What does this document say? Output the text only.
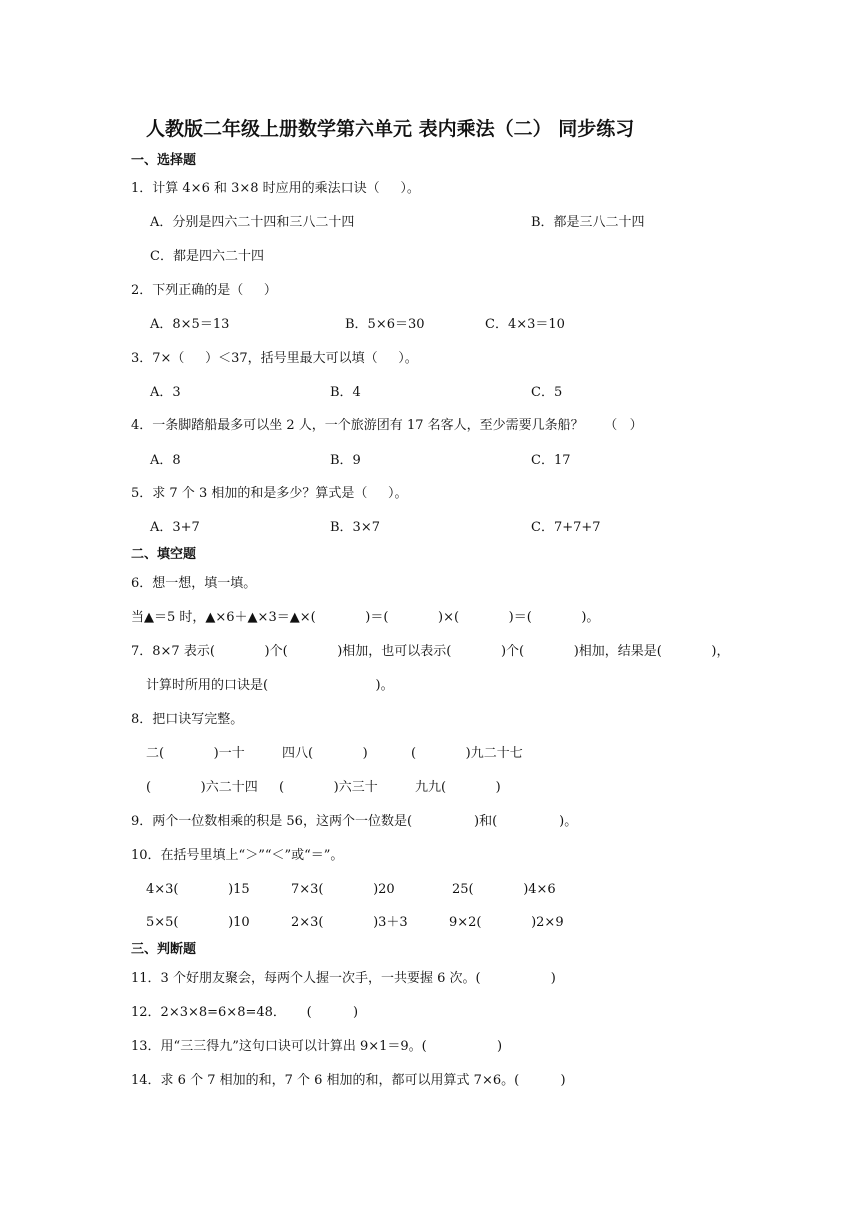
人教版二年级上册数学第六单元 表内乘法（二） 同步练习
一、选择题
1．计算 4×6 和 3×8 时应用的乘法口诀（     ）。
A．分别是四六二十四和三八二十四	B．都是三八二十四
C．都是四六二十四
2．下列正确的是（     ）
A．8×5＝13	B．5×6＝30	C．4×3＝10
3．7×（     ）＜37，括号里最大可以填（     ）。
A．3	B．4	C．5
4．一条脚踏船最多可以坐 2 人，一个旅游团有 17 名客人，至少需要几条船？     （   ）
A．8	B．9	C．17
5．求 7 个 3 相加的和是多少？算式是（     ）。
A．3+7	B．3×7	C．7+7+7
二、填空题
6．想一想，填一填。
当▲＝5 时，▲×6＋▲×3＝▲×(            )＝(            )×(            )＝(            )。
7．8×7 表示(            )个(            )相加，也可以表示(            )个(            )相加，结果是(            )，
计算时所用的口诀是(                          )。
8．把口诀写完整。
二(            )一十	四八(            )	(            )九二十七
(            )六二十四 (            )六三十	九九(            )
9．两个一位数相乘的积是 56，这两个一位数是(               )和(               )。
10．在括号里填上“＞”“＜”或“＝”。
4×3(            )15	7×3(            )20	25(            )4×6
5×5(            )10	2×3(            )3＋3	9×2(            )2×9
三、判断题
11．3 个好朋友聚会，每两个人握一次手，一共要握 6 次。(                 )
12．2×3×8=6×8=48．     (          )
13．用“三三得九”这句口诀可以计算出 9×1＝9。(                 )
14．求 6 个 7 相加的和，7 个 6 相加的和，都可以用算式 7×6。(          )
